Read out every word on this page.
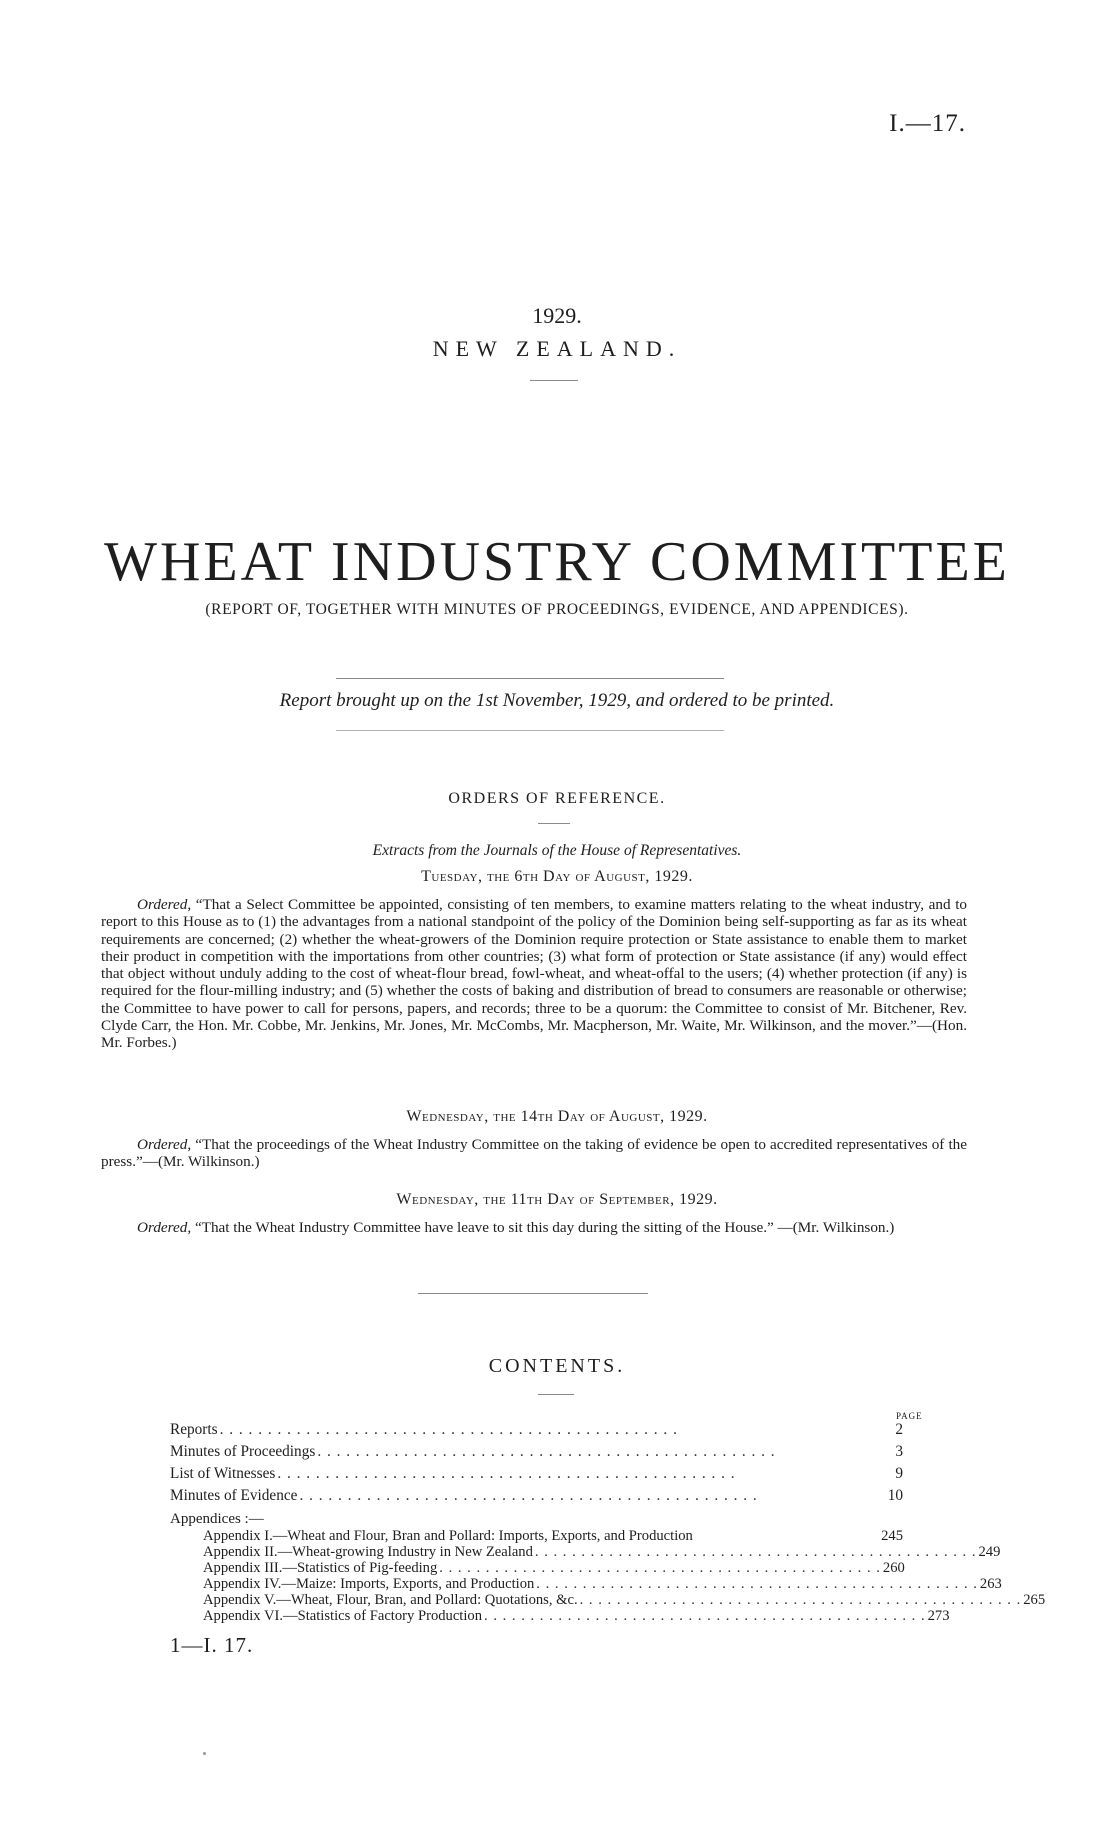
I.—17.
1929.
NEW ZEALAND.
WHEAT INDUSTRY COMMITTEE
(REPORT OF, TOGETHER WITH MINUTES OF PROCEEDINGS, EVIDENCE, AND APPENDICES).
Report brought up on the 1st November, 1929, and ordered to be printed.
ORDERS OF REFERENCE.
Extracts from the Journals of the House of Representatives.
Tuesday, the 6th Day of August, 1929.

Ordered, “That a Select Committee be appointed, consisting of ten members, to examine matters relating to the wheat industry, and to report to this House as to (1) the advantages from a national standpoint of the policy of the Dominion being self-supporting as far as its wheat requirements are concerned; (2) whether the wheat-growers of the Dominion require protection or State assistance to enable them to market their product in competition with the importations from other countries; (3) what form of protection or State assistance (if any) would effect that object without unduly adding to the cost of wheat-flour bread, fowl-wheat, and wheat-offal to the users; (4) whether protection (if any) is required for the flour-milling industry; and (5) whether the costs of baking and distribution of bread to consumers are reasonable or otherwise; the Committee to have power to call for persons, papers, and records; three to be a quorum: the Committee to consist of Mr. Bitchener, Rev. Clyde Carr, the Hon. Mr. Cobbe, Mr. Jenkins, Mr. Jones, Mr. McCombs, Mr. Macpherson, Mr. Waite, Mr. Wilkinson, and the mover.”—(Hon. Mr. Forbes.)

Wednesday, the 14th Day of August, 1929.

Ordered, “That the proceedings of the Wheat Industry Committee on the taking of evidence be open to accredited representatives of the press.”—(Mr. Wilkinson.)

Wednesday, the 11th Day of September, 1929.

Ordered, “That the Wheat Industry Committee have leave to sit this day during the sitting of the House.” —(Mr. Wilkinson.)

CONTENTS.
PAGE
Reports . . . . . . . . . . . . . . . . . . . . . . . . . . . . . . . . . . . . . . . . . . . . . . . .	2
Minutes of Proceedings . . . . . . . . . . . . . . . . . . . . . . . . . . . . . . . . . . . . . . . . . . . . . . . .	3
List of Witnesses . . . . . . . . . . . . . . . . . . . . . . . . . . . . . . . . . . . . . . . . . . . . . . . .	9
Minutes of Evidence . . . . . . . . . . . . . . . . . . . . . . . . . . . . . . . . . . . . . . . . . . . . . . . .	10
Appendices :—
Appendix I.—Wheat and Flour, Bran and Pollard: Imports, Exports, and Production	245
Appendix II.—Wheat-growing Industry in New Zealand . . . . . . . . . . . . . . . . . . . . . . . . . . . . . . . . . . . . . . . . . . . . . . . . 249
Appendix III.—Statistics of Pig-feeding . . . . . . . . . . . . . . . . . . . . . . . . . . . . . . . . . . . . . . . . . . . . . . . . 260
Appendix IV.—Maize: Imports, Exports, and Production . . . . . . . . . . . . . . . . . . . . . . . . . . . . . . . . . . . . . . . . . . . . . . . . 263
Appendix V.—Wheat, Flour, Bran, and Pollard: Quotations, &c. . . . . . . . . . . . . . . . . . . . . . . . . . . . . . . . . . . . . . . . . . . . . . . . . 265
Appendix VI.—Statistics of Factory Production . . . . . . . . . . . . . . . . . . . . . . . . . . . . . . . . . . . . . . . . . . . . . . . . 273
1—I. 17.
